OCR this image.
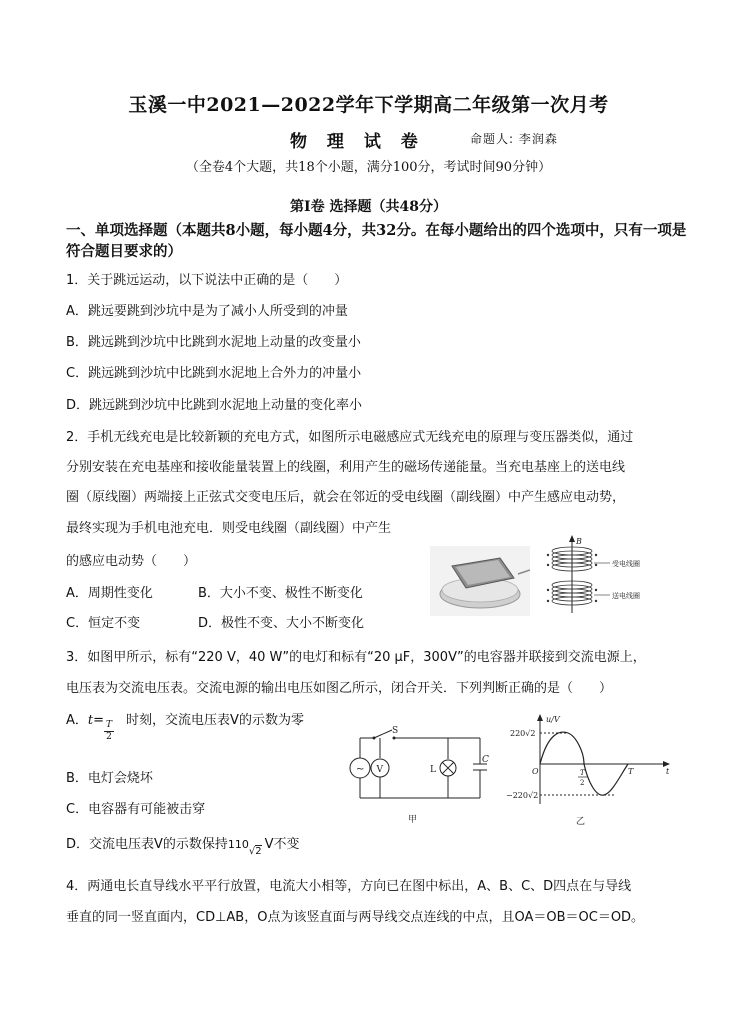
玉溪一中2021—2022学年下学期高二年级第一次月考
物 理 试 卷	命题人: 李润森
（全卷4个大题，共18个小题，满分100分，考试时间90分钟）
第Ⅰ卷 选择题（共48分）
一、单项选择题（本题共8小题，每小题4分，共32分。在每小题给出的四个选项中，只有一项是符合题目要求的）
1．关于跳远运动，以下说法中正确的是（　　）
A．跳远要跳到沙坑中是为了减小人所受到的冲量
B．跳远跳到沙坑中比跳到水泥地上动量的改变量小
C．跳远跳到沙坑中比跳到水泥地上合外力的冲量小
D．跳远跳到沙坑中比跳到水泥地上动量的变化率小
2．手机无线充电是比较新颖的充电方式，如图所示电磁感应式无线充电的原理与变压器类似，通过
分别安装在充电基座和接收能量装置上的线圈，利用产生的磁场传递能量。当充电基座上的送电线
圈（原线圈）两端接上正弦式交变电压后，就会在邻近的受电线圈（副线圈）中产生感应电动势，
最终实现为手机电池充电．则受电线圈（副线圈）中产生
的感应电动势（　　）
A．周期性变化	B．大小不变、极性不断变化
C．恒定不变	D．极性不变、大小不断变化
B
受电线圈
送电线圈
3．如图甲所示，标有“220 V，40 W”的电灯和标有“20 μF，300V”的电容器并联接到交流电源上，
电压表为交流电压表。交流电源的输出电压如图乙所示，闭合开关．下列判断正确的是（　　）
A．t= 时刻，交流电压表V的示数为零
T
2
B．电灯会烧坏
C．电容器有可能被击穿
D．交流电压表V的示数保持$110_{√2}$ V不变
~
S
V	L
C
甲
u/V
220√2
−220√2
O	T
2
T	t
乙
4．两通电长直导线水平平行放置，电流大小相等，方向已在图中标出，A、B、C、D四点在与导线
垂直的同一竖直面内，CD⊥AB，O点为该竖直面与两导线交点连线的中点，且OA＝OB＝OC＝OD。
